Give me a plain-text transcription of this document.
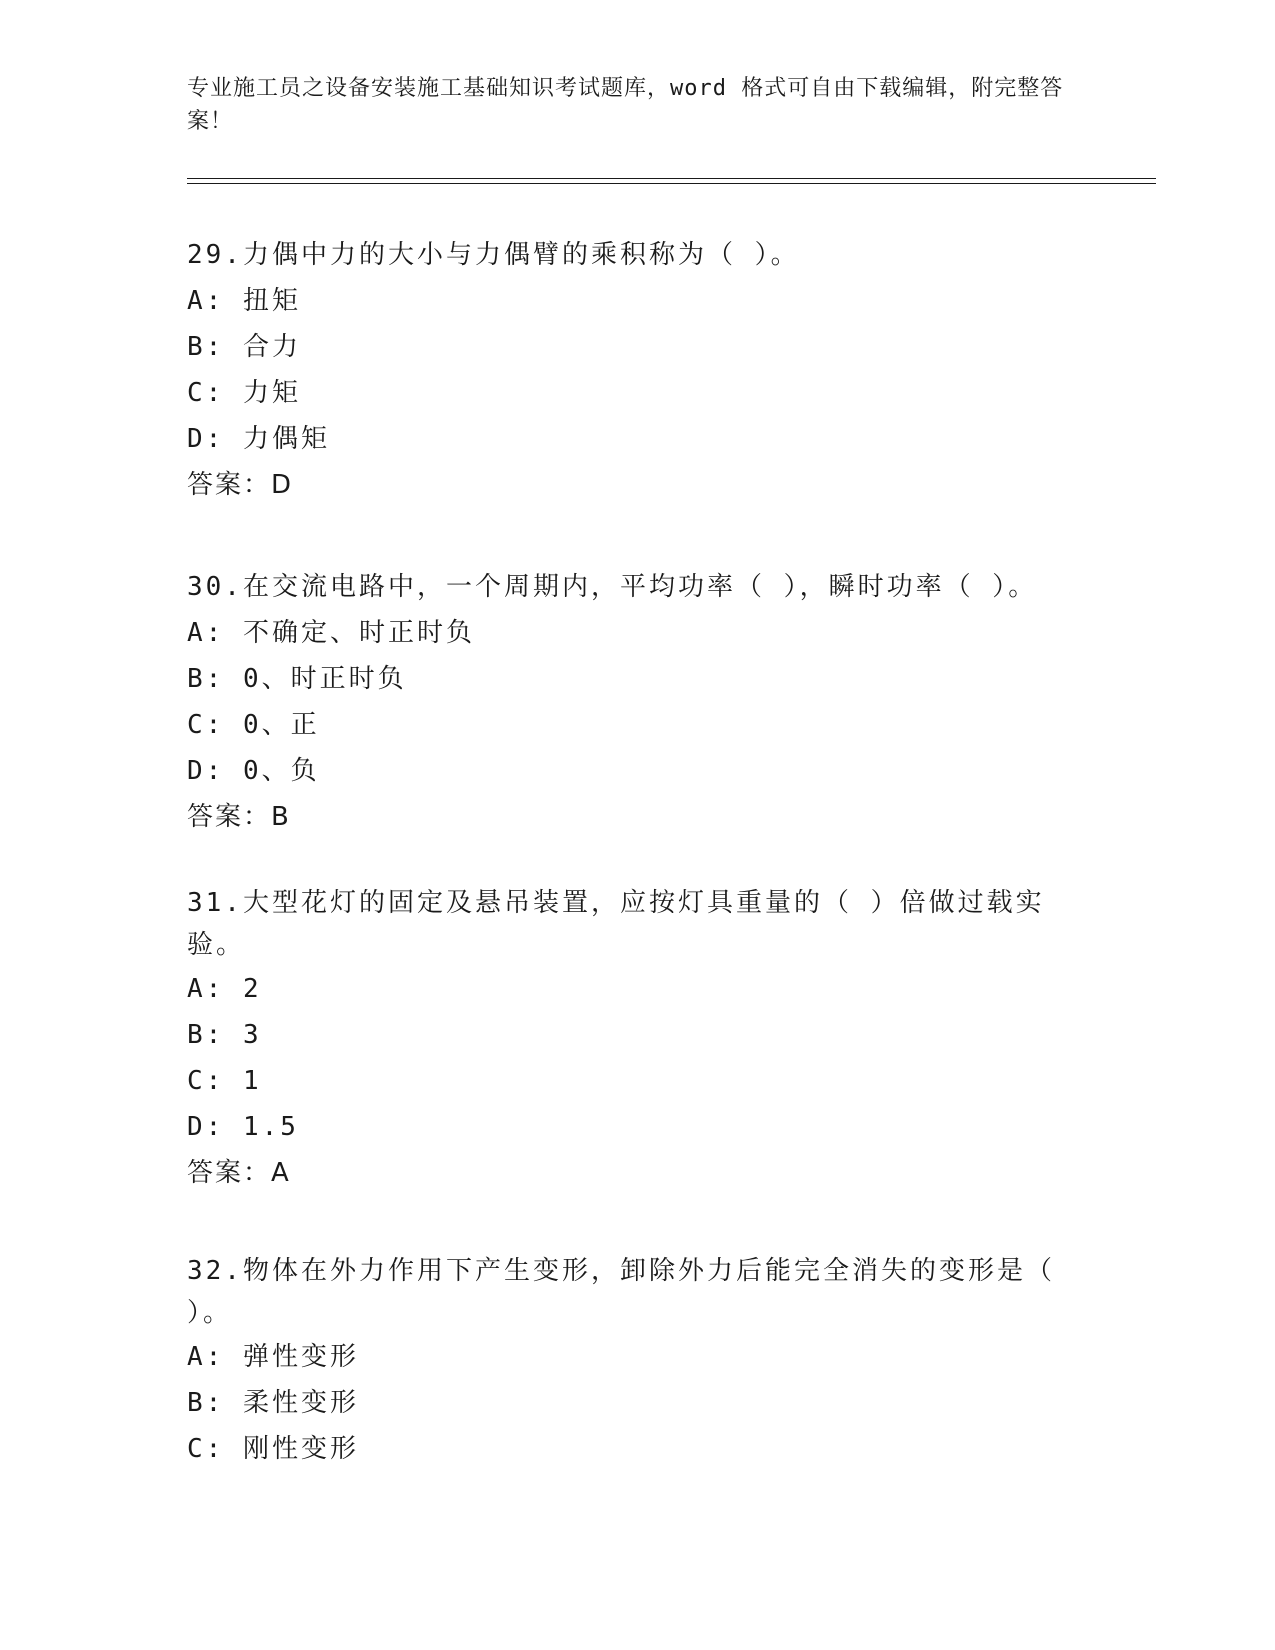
专业施工员之设备安装施工基础知识考试题库，word 格式可自由下载编辑，附完整答案！
29.力偶中力的大小与力偶臂的乘积称为（ ）。
A: 扭矩
B: 合力
C: 力矩
D: 力偶矩
答案：D
30.在交流电路中，一个周期内，平均功率（ ），瞬时功率（ ）。
A: 不确定、时正时负
B: 0、时正时负
C: 0、正
D: 0、负
答案：B
31.大型花灯的固定及悬吊装置，应按灯具重量的（ ）倍做过载实验。
A: 2
B: 3
C: 1
D: 1.5
答案：A
32.物体在外力作用下产生变形，卸除外力后能完全消失的变形是（ ）。
A: 弹性变形
B: 柔性变形
C: 刚性变形
